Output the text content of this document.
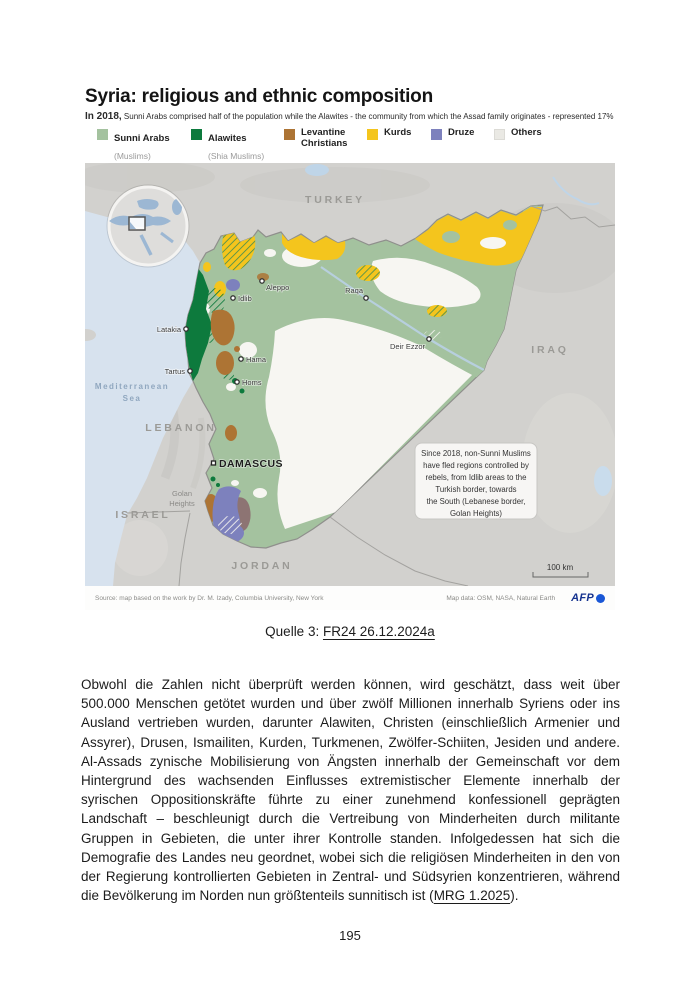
Syria: religious and ethnic composition
In 2018, Sunni Arabs comprised half of the population while the Alawites - the community from which the Assad family originates - represented 17%
Sunni Arabs
(Muslims)
Alawites
(Shia Muslims)
Levantine Christians
Kurds	Druze	Others
TURKEY
IRAQ
LEBANON
ISRAEL
JORDAN
Mediterranean
Sea
Golan
Heights
Aleppo
Idlib
Raqa
Deir Ezzor
Latakia
Hama
Tartus
Homs
DAMASCUS
Since 2018, non-Sunni Muslims
have fled regions controlled by
rebels, from Idlib areas to the
Turkish border, towards
the South (Lebanese border,
Golan Heights)
100 km
Source: map based on the work by Dr. M. Izady, Columbia University, New York	Map data: OSM, NASA, Natural Earth AFP
Quelle 3: FR24 26.12.2024a
Obwohl die Zahlen nicht überprüft werden können, wird geschätzt, dass weit über 500.000 Menschen getötet wurden und über zwölf Millionen innerhalb Syriens oder ins Ausland vertrieben wurden, darunter Alawiten, Christen (einschließlich Armenier und Assyrer), Drusen, Ismailiten, Kurden, Turkmenen, Zwölfer-Schiiten, Jesiden und andere. Al-Assads zynische Mobilisierung von Ängsten innerhalb der Gemeinschaft vor dem Hintergrund des wachsenden Einflusses extremistischer Elemente innerhalb der syrischen Oppositionskräfte führte zu einer zunehmend konfessionell geprägten Landschaft – beschleunigt durch die Vertreibung von Minderheiten durch militante Gruppen in Gebieten, die unter ihrer Kontrolle standen. Infolgedessen hat sich die Demografie des Landes neu geordnet, wobei sich die religiösen Minderheiten in den von der Regierung kontrollierten Gebieten in Zentral- und Südsyrien konzentrieren, während die Bevölkerung im Norden nun größtenteils sunnitisch ist (MRG 1.2025).
195
